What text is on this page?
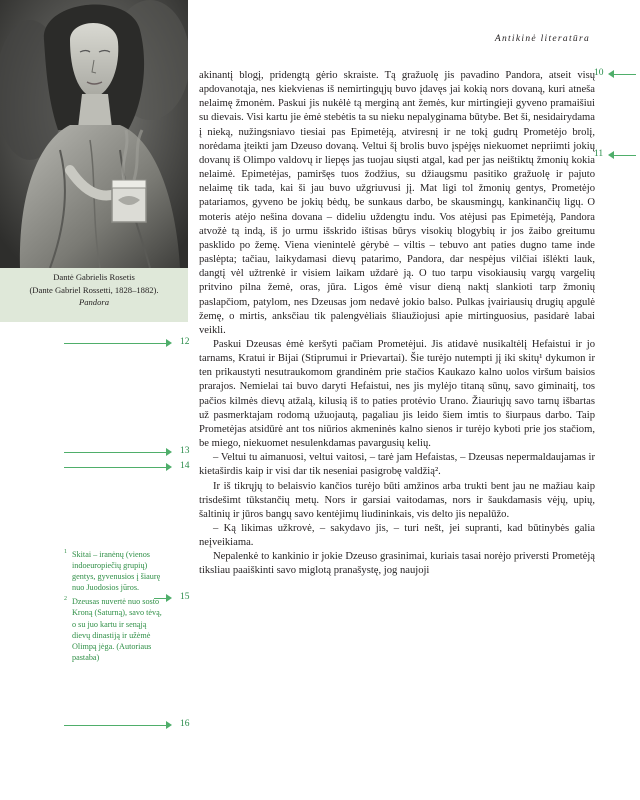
Antikinė literatūra
Dantė Gabrielis Rosetis
(Dante Gabriel Rossetti, 1828–1882).
Pandora
10
11
12
13
14
15
16

akinantį blogį, pridengtą gėrio skraiste. Tą gražuolę jis pavadino Pandora, atseit visų apdovanotąja, nes kiekvienas iš nemirtingųjų buvo įdavęs jai kokią nors dovaną, kuri atneša nelaimę žmonėm. Paskui jis nukėlė tą merginą ant žemės, kur mirtingieji gyveno pramaišiui su dievais. Visi kartu jie ėmė stebėtis ta su nieku nepalyginama būtybe. Bet ši, nesidairydama į nieką, nužingsniavo tiesiai pas Epimetėją, atviresnį ir ne tokį gudrų Prometėjo brolį, norėdama įteikti jam Dzeuso dovaną. Veltui šį brolis buvo įspėjęs niekuomet nepriimti jokių dovanų iš Olimpo valdovų ir liepęs jas tuojau siųsti atgal, kad per jas neištiktų žmonių kokia nelaimė. Epimetėjas, pamiršęs tuos žodžius, su džiaugsmu pasitiko gražuolę ir pajuto nelaimę tik tada, kai ši jau buvo užgriuvusi jį. Mat ligi tol žmonių gentys, Prometėjo patariamos, gyveno be jokių bėdų, be sunkaus darbo, be skausmingų, kankinančių ligų. O moteris atėjo nešina dovana – dideliu uždengtu indu. Vos atėjusi pas Epimetėją, Pandora atvožė tą indą, iš jo urmu išskrido ištisas būrys visokių blogybių ir jos žaibo greitumu pasklido po žemę. Viena vienintelė gėrybė – viltis – tebuvo ant paties dugno tame inde paslėpta; tačiau, laikydamasi dievų patarimo, Pandora, dar nespėjus vilčiai išlėkti lauk, dangtį vėl užtrenkė ir visiem laikam uždarė ją. O tuo tarpu visokiausių vargų vargelių pritvino pilna žemė, oras, jūra. Ligos ėmė visur dieną naktį slankioti tarp žmonių paslapčiom, patylom, nes Dzeusas jom nedavė jokio balso. Pulkas įvairiausių drugių apgulė žemę, o mirtis, anksčiau tik palengvėliais šliaužiojusi apie mirtinguosius, pasidarė labai veikli.

Paskui Dzeusas ėmė keršyti pačiam Prometėjui. Jis atidavė nusikaltėlį Hefaistui ir jo tarnams, Kratui ir Bijai (Stiprumui ir Prievartai). Šie turėjo nutempti jį iki skitų¹ dykumon ir ten prikaustyti nesutraukomom grandinėm prie stačios Kaukazo kalno uolos viršum baisios prarajos. Nemielai tai buvo daryti Hefaistui, nes jis mylėjo titaną sūnų, savo giminaitį, tos pačios kilmės dievų atžalą, kilusią iš to paties protėvio Urano. Žiauriųjų savo tarnų išbartas už pasmerktajam rodomą užuojautą, pagaliau jis leido šiem imtis to šiurpaus darbo. Taip Prometėjas atsidūrė ant tos niūrios akmeninės kalno sienos ir turėjo kyboti prie jos stačiom, be miego, niekuomet nesulenkdamas pavargusių kelių.

– Veltui tu aimanuosi, veltui vaitosi, – tarė jam Hefaistas, – Dzeusas nepermaldaujamas ir kietaširdis kaip ir visi dar tik neseniai pasigrobę valdžią².

Ir iš tikrųjų to belaisvio kančios turėjo būti amžinos arba trukti bent jau ne mažiau kaip trisdešimt tūkstančių metų. Nors ir garsiai vaitodamas, nors ir šaukdamasis vėjų, upių, šaltinių ir jūros bangų savo kentėjimų liudininkais, vis delto jis nepalūžo.

– Ką likimas užkrovė, – sakydavo jis, – turi nešt, jei supranti, kad būtinybės galia neįveikiama.

Nepalenkė to kankinio ir jokie Dzeuso grasinimai, kuriais tasai norėjo priversti Prometėją tiksliau paaiškinti savo miglotą pranašystę, jog naujoji

1 Skitai – iranėnų (vienos indoeuropiečių grupių) gentys, gyvenusios į šiaurę nuo Juodosios jūros.
2 Dzeusas nuvertė nuo sosto Kroną (Saturną), savo tėvą, o su juo kartu ir senąją dievų dinastiją ir užėmė Olimpą jėga. (Autoriaus pastaba)
